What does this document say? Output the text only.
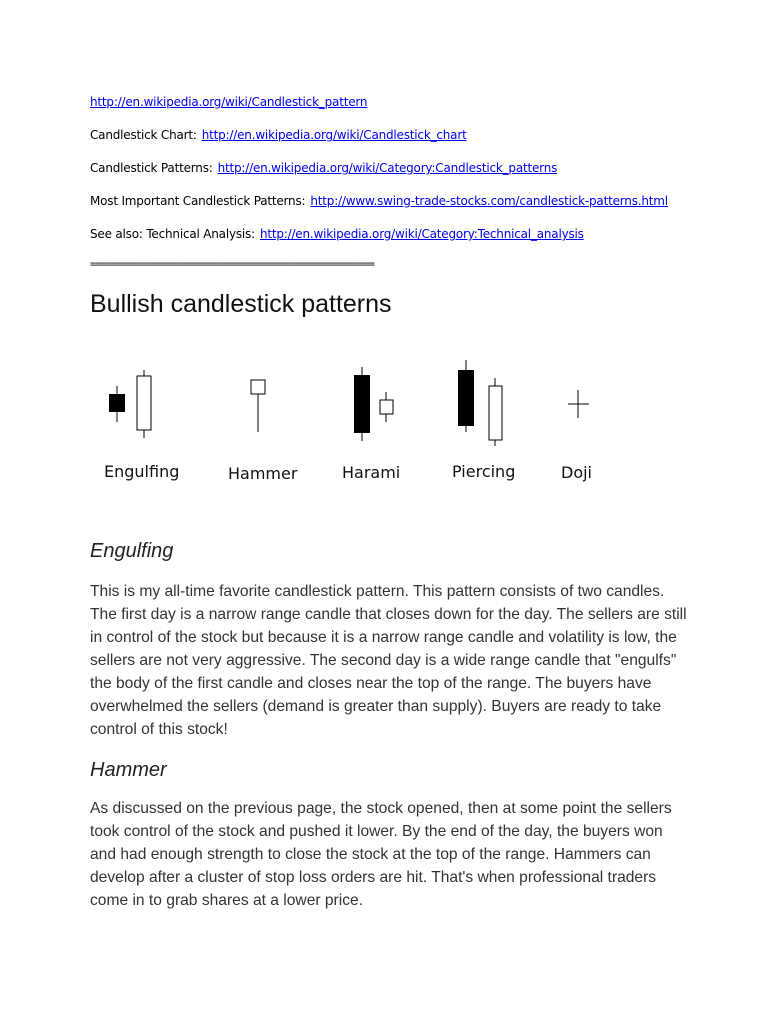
http://en.wikipedia.org/wiki/Candlestick_pattern
Candlestick Chart: http://en.wikipedia.org/wiki/Candlestick_chart
Candlestick Patterns: http://en.wikipedia.org/wiki/Category:Candlestick_patterns
Most Important Candlestick Patterns: http://www.swing-trade-stocks.com/candlestick-patterns.html
See also: Technical Analysis: http://en.wikipedia.org/wiki/Category:Technical_analysis
========================================================
Bullish candlestick patterns
Engulfing	Hammer	Harami	Piercing	Doji
Engulfing

This is my all-time favorite candlestick pattern. This pattern consists of two candles. The first day is a narrow range candle that closes down for the day. The sellers are still in control of the stock but because it is a narrow range candle and volatility is low, the sellers are not very aggressive. The second day is a wide range candle that "engulfs" the body of the first candle and closes near the top of the range. The buyers have overwhelmed the sellers (demand is greater than supply). Buyers are ready to take control of this stock!

Hammer

As discussed on the previous page, the stock opened, then at some point the sellers took control of the stock and pushed it lower. By the end of the day, the buyers won and had enough strength to close the stock at the top of the range. Hammers can develop after a cluster of stop loss orders are hit. That's when professional traders come in to grab shares at a lower price.
